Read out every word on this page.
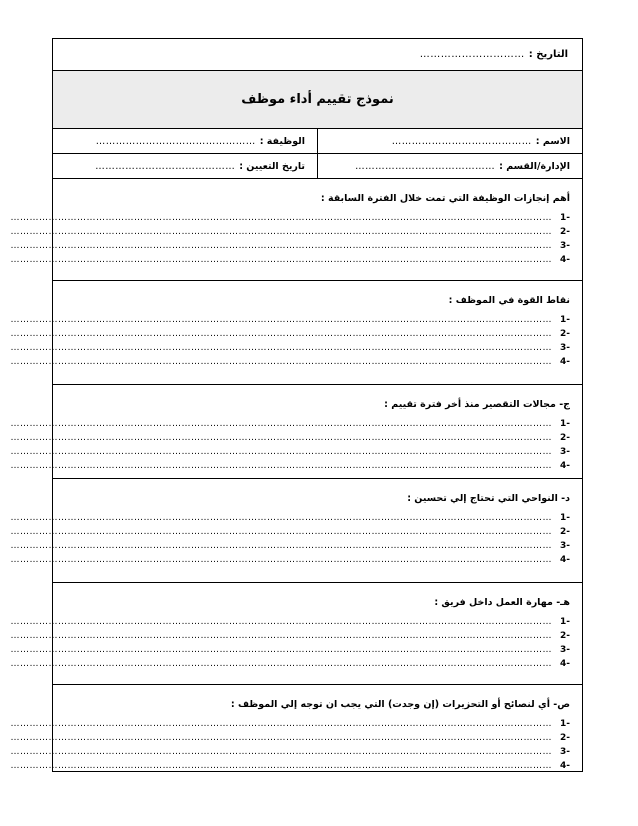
التاريخ :
…………………………
نموذج تقييم أداء موظف
الاسم :
……………………………………
الوظيفة :
…………………………………………
الإدارة/القسم :
……………………………………
تاريخ التعيين :
……………………………………
أهم إنجازات الوظيفة التي تمت خلال الفترة السابقة :
1-
………………………………………………………………………………………………………………………………………………………
2-
………………………………………………………………………………………………………………………………………………………
3-
………………………………………………………………………………………………………………………………………………………
4-
………………………………………………………………………………………………………………………………………………………
نقاط القوة في الموظف :
1-
………………………………………………………………………………………………………………………………………………………
2-
………………………………………………………………………………………………………………………………………………………
3-
………………………………………………………………………………………………………………………………………………………
4-
………………………………………………………………………………………………………………………………………………………
ج- مجالات التقصير منذ أخر فترة تقييم :
1-
………………………………………………………………………………………………………………………………………………………
2-
………………………………………………………………………………………………………………………………………………………
3-
………………………………………………………………………………………………………………………………………………………
4-
………………………………………………………………………………………………………………………………………………………
د- النواحي التي تحتاج إلي تحسين :
1-
………………………………………………………………………………………………………………………………………………………
2-
………………………………………………………………………………………………………………………………………………………
3-
………………………………………………………………………………………………………………………………………………………
4-
………………………………………………………………………………………………………………………………………………………
هـ- مهارة العمل داخل فريق :
1-
………………………………………………………………………………………………………………………………………………………
2-
………………………………………………………………………………………………………………………………………………………
3-
………………………………………………………………………………………………………………………………………………………
4-
………………………………………………………………………………………………………………………………………………………
ص- أي لنصائح أو التحزيرات (إن وجدت) التي يجب ان توجه إلي الموظف :
1-
………………………………………………………………………………………………………………………………………………………
2-
………………………………………………………………………………………………………………………………………………………
3-
………………………………………………………………………………………………………………………………………………………
4-
………………………………………………………………………………………………………………………………………………………
